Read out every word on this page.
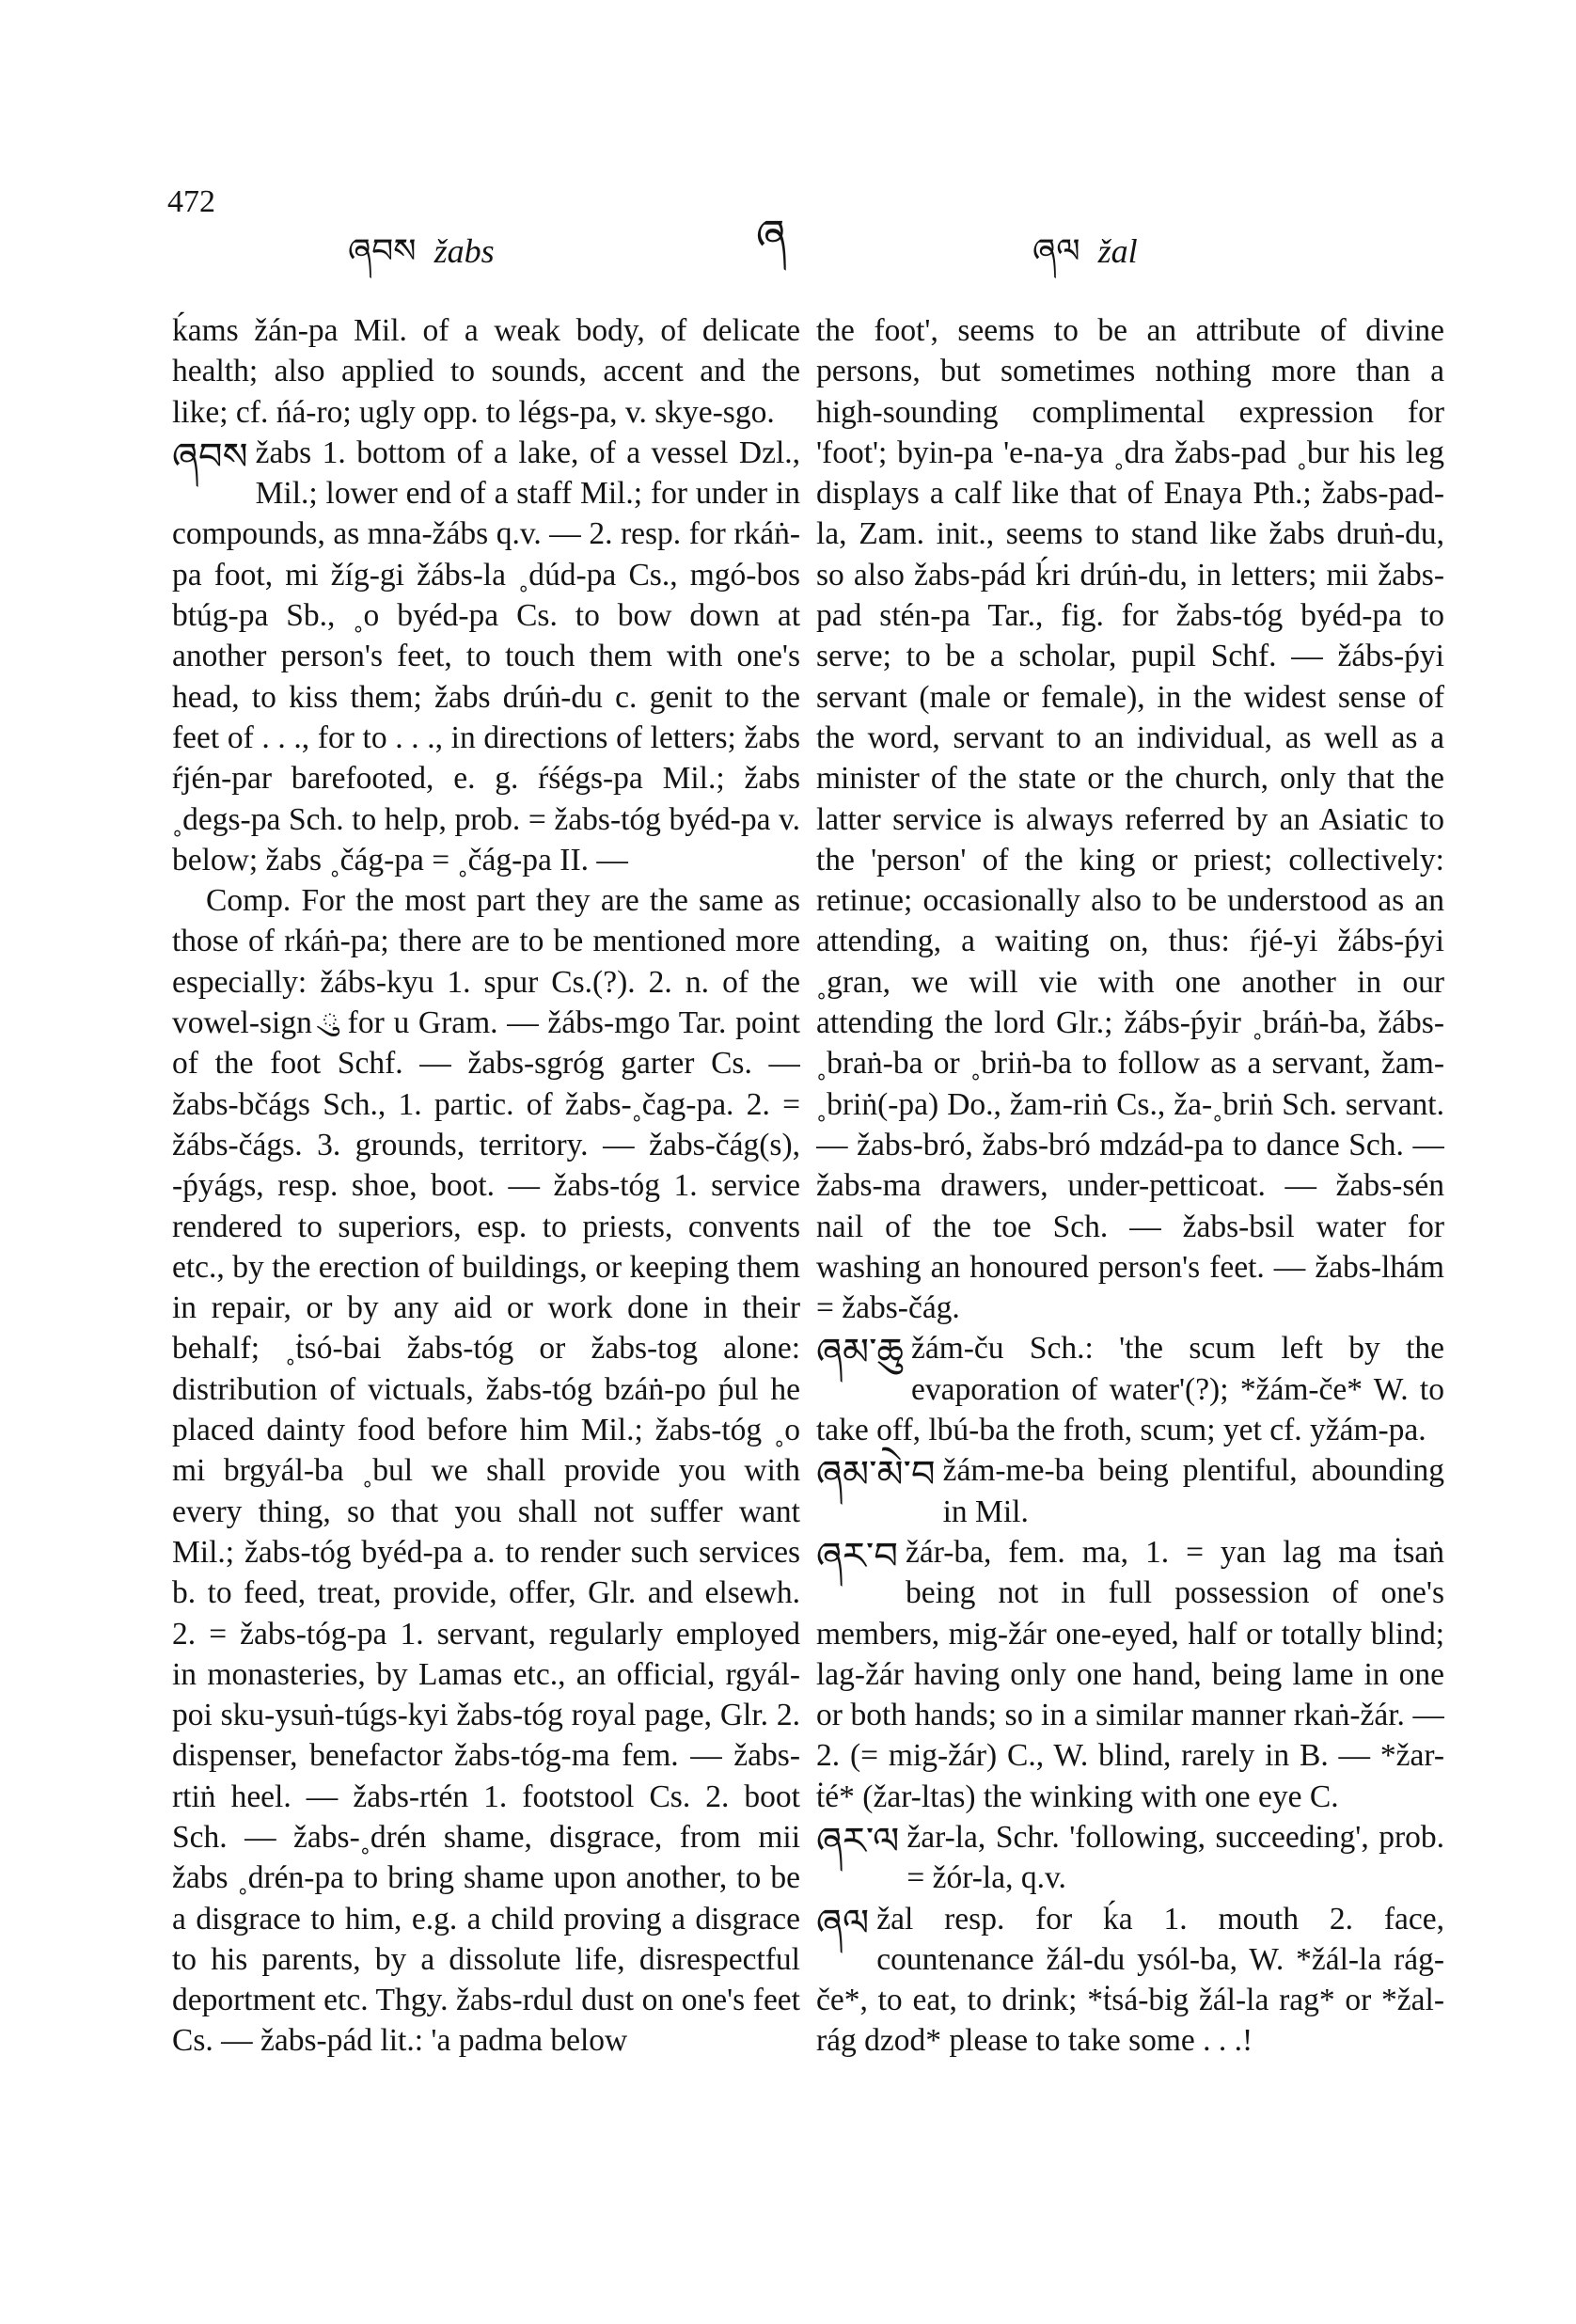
472
ཞབས žabs	ཞ	ཞལ žal

ḱams žán-pa Mil. of a weak body, of delicate health; also applied to sounds, accent and the like; cf. ńá-ro; ugly opp. to légs-pa, v. skye-sgo.

ཞབས žabs 1. bottom of a lake, of a vessel Dzl., Mil.; lower end of a staff Mil.; for under in compounds, as mna-žábs q.v. — 2. resp. for rkáṅ-pa foot, mi žíg-gi žábs-la ˳dúd-pa Cs., mgó-bos btúg-pa Sb., ˳o byéd-pa Cs. to bow down at another person's feet, to touch them with one's head, to kiss them; žabs drúṅ-du c. genit to the feet of . . ., for to . . ., in directions of letters; žabs ŕjén-par barefooted, e. g. ŕśégs-pa Mil.; žabs ˳degs-pa Sch. to help, prob. = žabs-tóg byéd-pa v. below; žabs ˳čág-pa = ˳čág-pa II. —

Comp. For the most part they are the same as those of rkáṅ-pa; there are to be mentioned more especially: žábs-kyu 1. spur Cs.(?). 2. n. of the vowel-sign ུ for u Gram. — žábs-mgo Tar. point of the foot Schf. — žabs-sgróg garter Cs. — žabs-bčágs Sch., 1. partic. of žabs-˳čag-pa. 2. = žábs-čágs. 3. grounds, territory. — žabs-čág(s), -ṕyágs, resp. shoe, boot. — žabs-tóg 1. service rendered to superiors, esp. to priests, convents etc., by the erection of buildings, or keeping them in repair, or by any aid or work done in their behalf; ˳ṫsó-bai žabs-tóg or žabs-tog alone: distribution of victuals, žabs-tóg bzáṅ-po ṕul he placed dainty food before him Mil.; žabs-tóg ˳o mi brgyál-ba ˳bul we shall provide you with every thing, so that you shall not suffer want Mil.; žabs-tóg byéd-pa a. to render such services b. to feed, treat, provide, offer, Glr. and elsewh. 2. = žabs-tóg-pa 1. servant, regularly employed in monasteries, by Lamas etc., an official, rgyál-poi sku-ysuṅ-túgs-kyi žabs-tóg royal page, Glr. 2. dispenser, benefactor žabs-tóg-ma fem. — žabs-rtiṅ heel. — žabs-rtén 1. footstool Cs. 2. boot Sch. — žabs-˳drén shame, disgrace, from mii žabs ˳drén-pa to bring shame upon another, to be a disgrace to him, e.g. a child proving a disgrace to his parents, by a dissolute life, disrespectful deportment etc. Thgy. žabs-rdul dust on one's feet Cs. — žabs-pád lit.: 'a padma below

the foot', seems to be an attribute of divine persons, but sometimes nothing more than a high-sounding complimental expression for 'foot'; byin-pa 'e-na-ya ˳dra žabs-pad ˳bur his leg displays a calf like that of Enaya Pth.; žabs-pad-la, Zam. init., seems to stand like žabs druṅ-du, so also žabs-pád ḱri drúṅ-du, in letters; mii žabs-pad stén-pa Tar., fig. for žabs-tóg byéd-pa to serve; to be a scholar, pupil Schf. — žábs-ṕyi servant (male or female), in the widest sense of the word, servant to an individual, as well as a minister of the state or the church, only that the latter service is always referred by an Asiatic to the 'person' of the king or priest; collectively: retinue; occasionally also to be understood as an attending, a waiting on, thus: ŕjé-yi žábs-ṕyi ˳gran, we will vie with one another in our attending the lord Glr.; žábs-ṕyir ˳bráṅ-ba, žábs-˳braṅ-ba or ˳briṅ-ba to follow as a servant, žam-˳briṅ(-pa) Do., žam-riṅ Cs., ža-˳briṅ Sch. servant. — žabs-bró, žabs-bró mdzád-pa to dance Sch. — žabs-ma drawers, under-petticoat. — žabs-sén nail of the toe Sch. — žabs-bsil water for washing an honoured person's feet. — žabs-lhám = žabs-čág.

ཞམ་ཆུ žám-ču Sch.: 'the scum left by the evaporation of water'(?); *žám-če* W. to take off, lbú-ba the froth, scum; yet cf. yžám-pa.

ཞམ་མེ་བ žám-me-ba being plentiful, abounding in Mil.

ཞར་བ žár-ba, fem. ma, 1. = yan lag ma ṫsaṅ being not in full possession of one's members, mig-žár one-eyed, half or totally blind; lag-žár having only one hand, being lame in one or both hands; so in a similar manner rkaṅ-žár. — 2. (= mig-žár) C., W. blind, rarely in B. — *žar-ṫé* (žar-ltas) the winking with one eye C.

ཞར་ལ žar-la, Schr. 'following, succeeding', prob. = žór-la, q.v.

ཞལ žal resp. for ḱa 1. mouth 2. face, countenance žál-du ysól-ba, W. *žál-la rág-če*, to eat, to drink; *ṫsá-big žál-la rag* or *žal-rág dzod* please to take some . . .!
